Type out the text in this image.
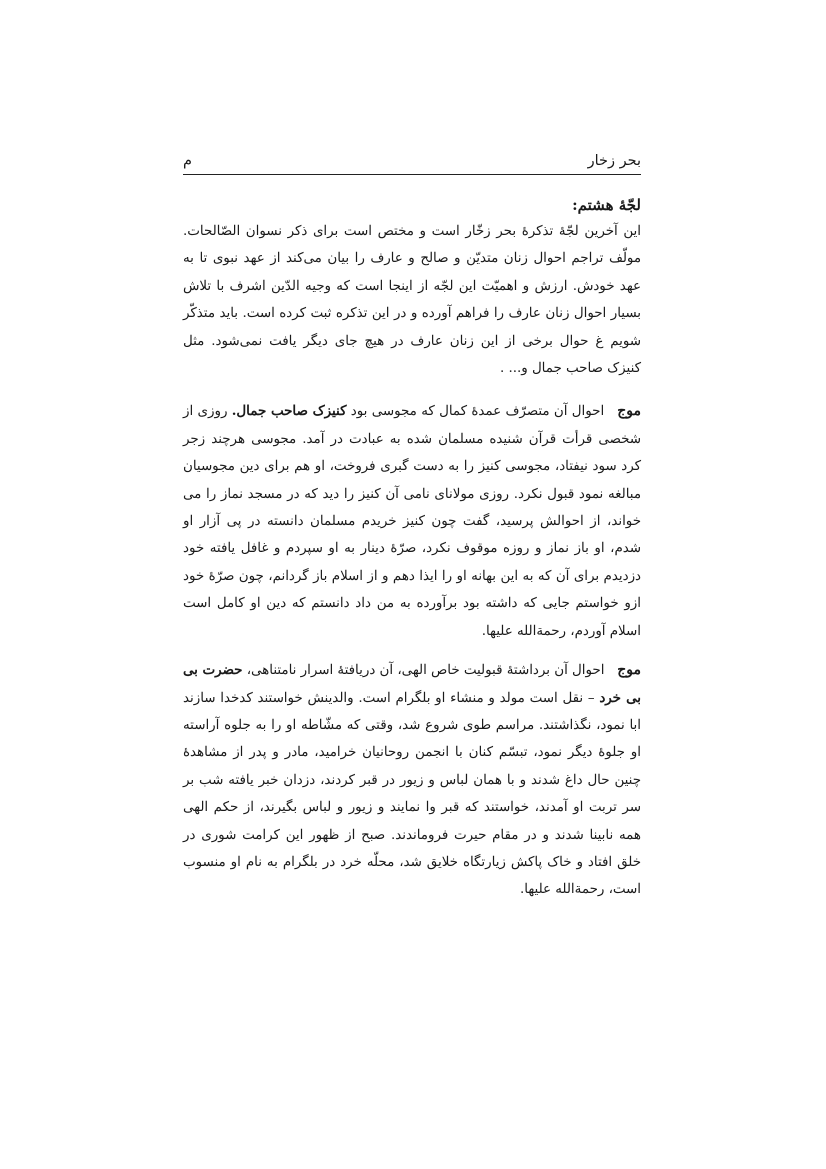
بحر زخار
م

لجّهٔ هشتم:

این آخرین لجّهٔ تذکرهٔ بحر زخّار است و مختص است برای ذکر نسوان الصّالحات. مولّف تراجم احوال زنان متدیّن و صالح و عارف را بیان می‌کند از عهد نبوی تا به عهد خودش. ارزش و اهمیّت این لجّه از اینجا است که وجیه الدّین اشرف با تلاش بسیار احوال زنان عارف را فراهم آورده و در این تذکره ثبت کرده است. باید متذکّر شویم غ حوال برخی از این زنان عارف در هیچ جای دیگر یافت نمی‌شود. مثل کنیزک صاحب جمال و... .

موج   احوال آن متصرّف عمدهٔ کمال که مجوسی بود کنیزک صاحب جمال. روزی از شخصی قرأت قرآن شنیده مسلمان شده به عبادت در آمد. مجوسی هرچند زجر کرد سود نیفتاد، مجوسی کنیز را به دست گبری فروخت، او هم برای دین مجوسیان مبالغه نمود قبول نکرد. روزی مولانای نامی آن کنیز را دید که در مسجد نماز را می خواند، از احوالش پرسید، گفت چون کنیز خریدم مسلمان دانسته در پی آزار او شدم، او باز نماز و روزه موقوف نکرد، صرّهٔ دینار به او سپردم و غافل یافته خود دزدیدم برای آن که به این بهانه او را ایذا دهم و از اسلام باز گردانم، چون صرّهٔ خود ازو خواستم جایی که داشته بود برآورده به من داد دانستم که دین او کامل است اسلام آوردم، رحمةالله علیها.

موج   احوال آن برداشتهٔ قبولیت خاص الهی، آن دریافتهٔ اسرار نامتناهی، حضرت بی بی خرد – نقل است مولد و منشاء او بلگرام است. والدینش خواستند کدخدا سازند ابا نمود، نگذاشتند. مراسم طوی شروع شد، وقتی که مشّاطه او را به جلوه آراسته او جلوهٔ دیگر نمود، تبسّم کنان با انجمن روحانیان خرامید، مادر و پدر از مشاهدهٔ چنین حال داغ شدند و با همان لباس و زیور در قبر کردند، دزدان خبر یافته شب بر سر تربت او آمدند، خواستند که قبر وا نمایند و زیور و لباس بگیرند، از حکم الهی همه نابینا شدند و در مقام حیرت فروماندند. صبح از ظهور این کرامت شوری در خلق افتاد و خاک پاکش زیارتگاه خلایق شد، محلّه خرد در بلگرام به نام او منسوب است، رحمةالله علیها.
